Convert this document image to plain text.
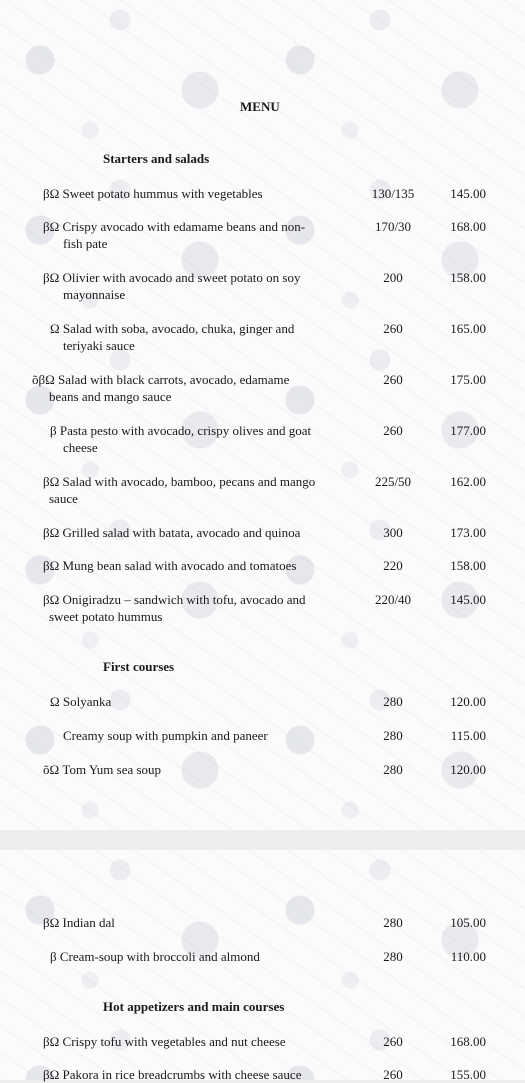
MENU
Starters and salads
First courses
Hot appetizers and main courses
βΩ Sweet potato hummus with vegetables	130/135	145.00
βΩ Crispy avocado with edamame beans and non-
fish pate
170/30	168.00
βΩ Olivier with avocado and sweet potato on soy
mayonnaise
200	158.00
Ω Salad with soba, avocado, chuka, ginger and
teriyaki sauce
260	165.00
õβΩ Salad with black carrots, avocado, edamame
beans and mango sauce
260	175.00
β Pasta pesto with avocado, crispy olives and goat
cheese
260	177.00
βΩ Salad with avocado, bamboo, pecans and mango
sauce
225/50	162.00
βΩ Grilled salad with batata, avocado and quinoa	300	173.00
βΩ Mung bean salad with avocado and tomatoes	220	158.00
βΩ Onigiradzu – sandwich with tofu, avocado and
sweet potato hummus
220/40	145.00
Ω Solyanka	280	120.00
Creamy soup with pumpkin and paneer	280	115.00
õΩ Tom Yum sea soup	280	120.00
βΩ Indian dal	280	105.00
β Cream-soup with broccoli and almond	280	110.00
βΩ Crispy tofu with vegetables and nut cheese	260	168.00
βΩ Pakora in rice breadcrumbs with cheese sauce	260	155.00
